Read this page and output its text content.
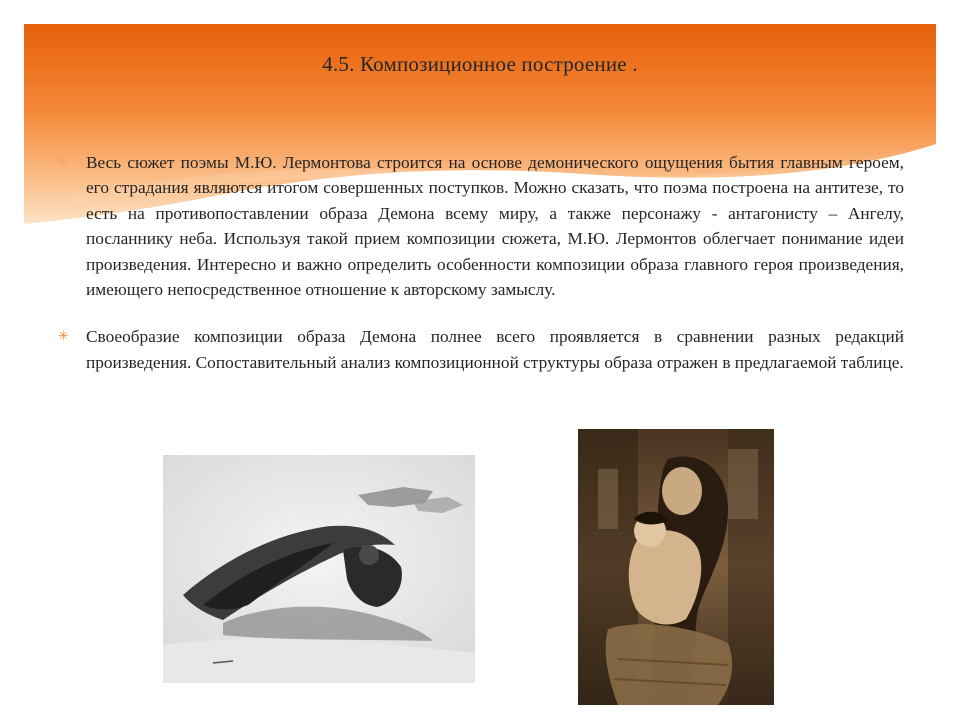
4.5. Композиционное построение .
✳ Весь сюжет поэмы М.Ю. Лермонтова строится на основе демонического ощущения бытия главным героем, его страдания являются итогом совершенных поступков. Можно сказать, что поэма построена на антитезе, то есть на противопоставлении образа Демона всему миру, а также персонажу - антагонисту – Ангелу, посланнику неба. Используя такой прием композиции сюжета, М.Ю. Лермонтов облегчает понимание идеи произведения. Интересно и важно определить особенности композиции образа главного героя произведения, имеющего непосредственное отношение к авторскому замыслу.
✳ Своеобразие композиции образа Демона полнее всего проявляется в сравнении разных редакций произведения. Сопоставительный анализ композиционной структуры образа отражен в предлагаемой таблице.
